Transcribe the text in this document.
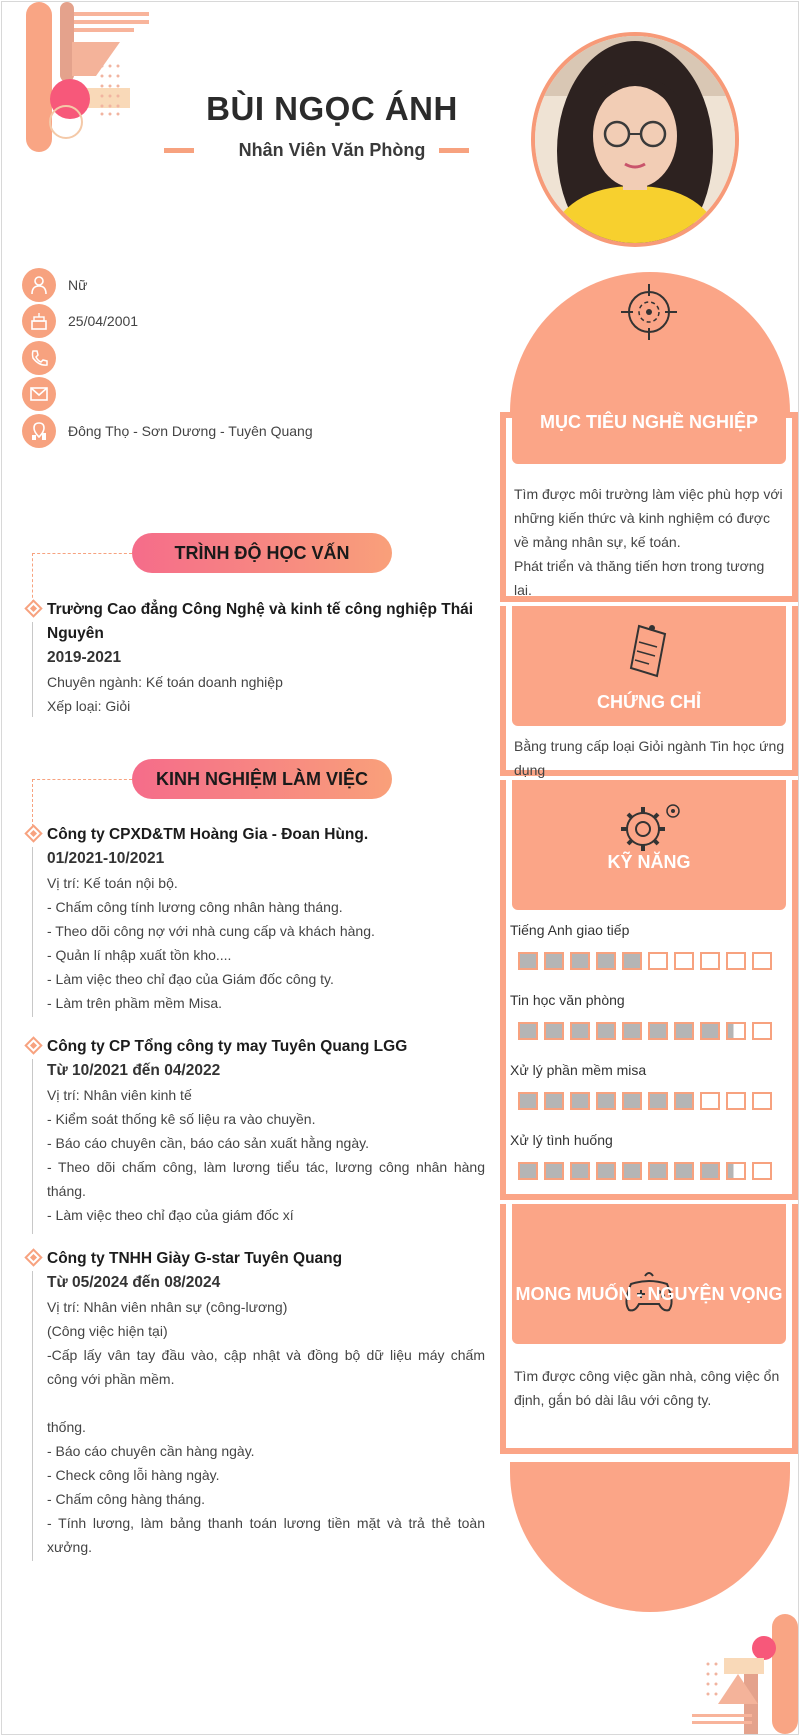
BÙI NGỌC ÁNH
Nhân Viên Văn Phòng
Nữ
25/04/2001
Đông Thọ - Sơn Dương - Tuyên Quang
TRÌNH ĐỘ HỌC VẤN
Trường Cao đẳng Công Nghệ và kinh tế công nghiệp Thái Nguyên
2019-2021
Chuyên ngành: Kế toán doanh nghiệp
Xếp loại: Giỏi
KINH NGHIỆM LÀM VIỆC
Công ty CPXD&TM Hoàng Gia - Đoan Hùng.
01/2021-10/2021
Vị trí: Kế toán nội bộ.
- Chấm công tính lương công nhân hàng tháng.
- Theo dõi công nợ với nhà cung cấp và khách hàng.
- Quản lí nhập xuất tồn kho....
- Làm việc theo chỉ đạo của Giám đốc công ty.
- Làm trên phầm mềm Misa.
Công ty CP Tổng công ty may Tuyên Quang LGG
Từ 10/2021 đến 04/2022
Vị trí: Nhân viên kinh tế
- Kiểm soát thống kê số liệu ra vào chuyền.
- Báo cáo chuyên cần, báo cáo sản xuất hằng ngày.
- Theo dõi chấm công, làm lương tiểu tác, lương công nhân hàng tháng.
- Làm việc theo chỉ đạo của giám đốc xí
Công ty TNHH Giày G-star Tuyên Quang
Từ 05/2024 đến 08/2024
Vị trí: Nhân viên nhân sự (công-lương)
(Công việc hiện tại)
-Cấp lấy vân tay đầu vào, cập nhật và đồng bộ dữ liệu máy chấm công với phần mềm.
thống.
- Báo cáo chuyên cần hàng ngày.
- Check công lỗi hàng ngày.
- Chấm công hàng tháng.
- Tính lương, làm bảng thanh toán lương tiền mặt và trả thẻ toàn xưởng.
MỤC TIÊU NGHỀ NGHIỆP
Tìm được môi trường làm việc phù hợp với những kiến thức và kinh nghiệm có được về mảng nhân sự, kế toán.
Phát triển và thăng tiến hơn trong tương lai.
CHỨNG CHỈ
Bằng trung cấp loại Giỏi ngành Tin học ứng dụng
KỸ NĂNG
Tiếng Anh giao tiếp
Tin học văn phòng
Xử lý phần mềm misa
Xử lý tình huống
MONG MUỐN - NGUYỆN VỌNG
Tìm được công việc gần nhà, công việc ổn định, gắn bó dài lâu với công ty.
